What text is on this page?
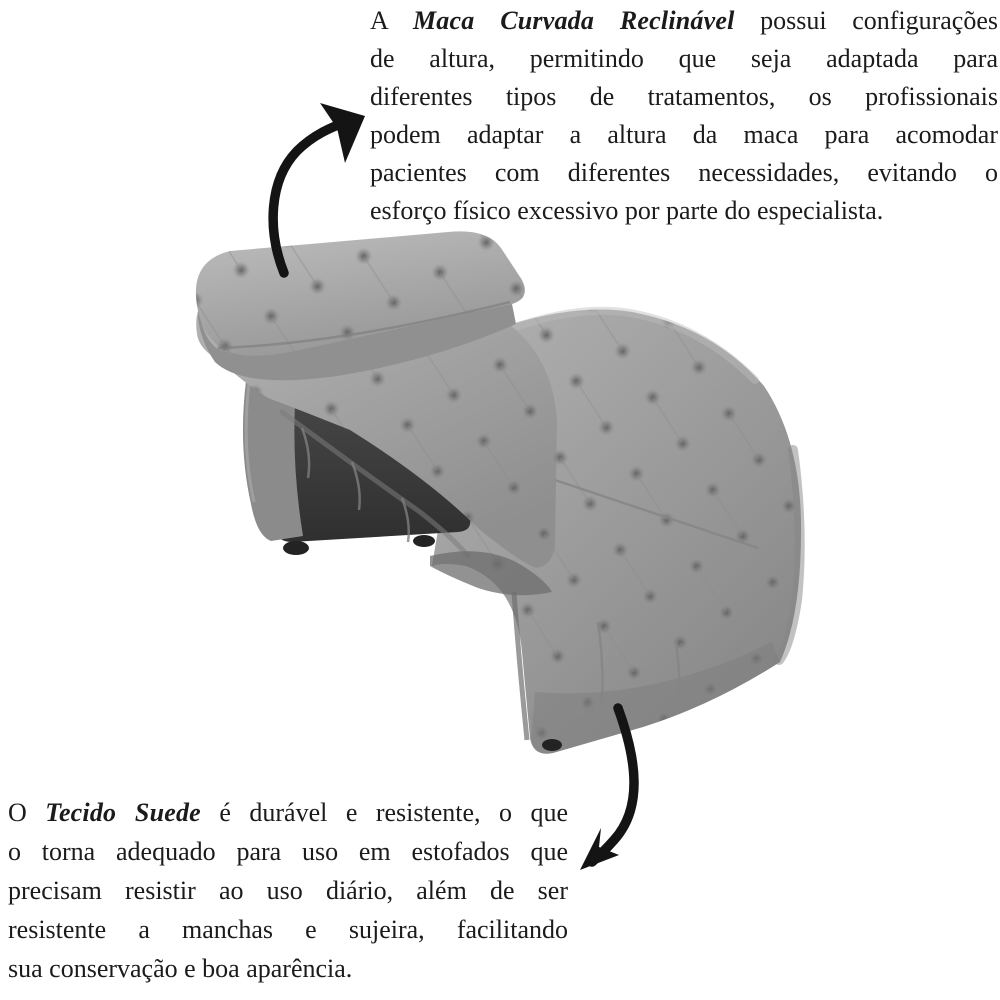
A Maca Curvada Reclinável possui configurações
de altura, permitindo que seja adaptada para
diferentes tipos de tratamentos, os profissionais
podem adaptar a altura da maca para acomodar
pacientes com diferentes necessidades, evitando o
esforço físico excessivo por parte do especialista.
O Tecido Suede é durável e resistente, o que
o torna adequado para uso em estofados que
precisam resistir ao uso diário, além de ser
resistente a manchas e sujeira, facilitando
sua conservação e boa aparência.
